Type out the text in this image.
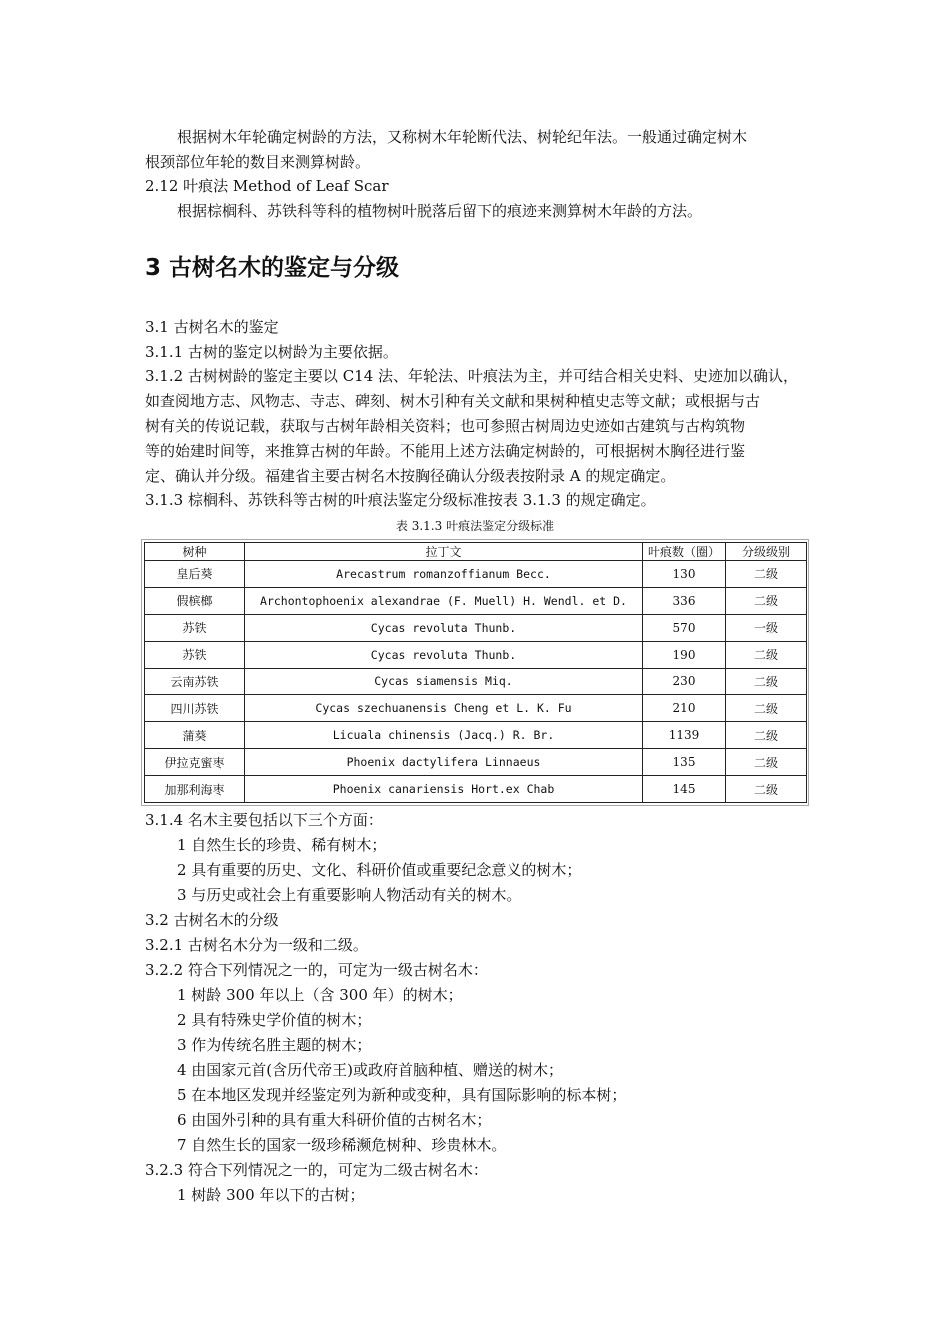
根据树木年轮确定树龄的方法，又称树木年轮断代法、树轮纪年法。一般通过确定树木
根颈部位年轮的数目来测算树龄。
2.12 叶痕法 Method of Leaf Scar
根据棕榈科、苏铁科等科的植物树叶脱落后留下的痕迹来测算树木年龄的方法。
3 古树名木的鉴定与分级
3.1 古树名木的鉴定
3.1.1 古树的鉴定以树龄为主要依据。
3.1.2 古树树龄的鉴定主要以 C14 法、年轮法、叶痕法为主，并可结合相关史料、史迹加以确认，
如查阅地方志、风物志、寺志、碑刻、树木引种有关文献和果树种植史志等文献；或根据与古
树有关的传说记载，获取与古树年龄相关资料；也可参照古树周边史迹如古建筑与古构筑物
等的始建时间等，来推算古树的年龄。不能用上述方法确定树龄的，可根据树木胸径进行鉴
定、确认并分级。福建省主要古树名木按胸径确认分级表按附录 A 的规定确定。
3.1.3 棕榈科、苏铁科等古树的叶痕法鉴定分级标准按表 3.1.3 的规定确定。
表 3.1.3 叶痕法鉴定分级标准
树种	拉丁文	叶痕数（圈）	分级级别
皇后葵	Arecastrum romanzoffianum Becc.	130	二级
假槟榔	Archontophoenix alexandrae (F. Muell) H. Wendl. et D.	336	二级
苏铁	Cycas revoluta Thunb.	570	一级
苏铁	Cycas revoluta Thunb.	190	二级
云南苏铁	Cycas siamensis Miq.	230	二级
四川苏铁	Cycas szechuanensis Cheng et L. K. Fu	210	二级
蒲葵	Licuala chinensis (Jacq.) R. Br.	1139	二级
伊拉克蜜枣	Phoenix dactylifera Linnaeus	135	二级
加那利海枣	Phoenix canariensis Hort.ex Chab	145	二级
3.1.4 名木主要包括以下三个方面：
1 自然生长的珍贵、稀有树木；
2 具有重要的历史、文化、科研价值或重要纪念意义的树木；
3 与历史或社会上有重要影响人物活动有关的树木。
3.2 古树名木的分级
3.2.1 古树名木分为一级和二级。
3.2.2 符合下列情况之一的，可定为一级古树名木：
1 树龄 300 年以上（含 300 年）的树木；
2 具有特殊史学价值的树木；
3 作为传统名胜主题的树木；
4 由国家元首(含历代帝王)或政府首脑种植、赠送的树木；
5 在本地区发现并经鉴定列为新种或变种，具有国际影响的标本树；
6 由国外引种的具有重大科研价值的古树名木；
7 自然生长的国家一级珍稀濒危树种、珍贵林木。
3.2.3 符合下列情况之一的，可定为二级古树名木：
1 树龄 300 年以下的古树；
